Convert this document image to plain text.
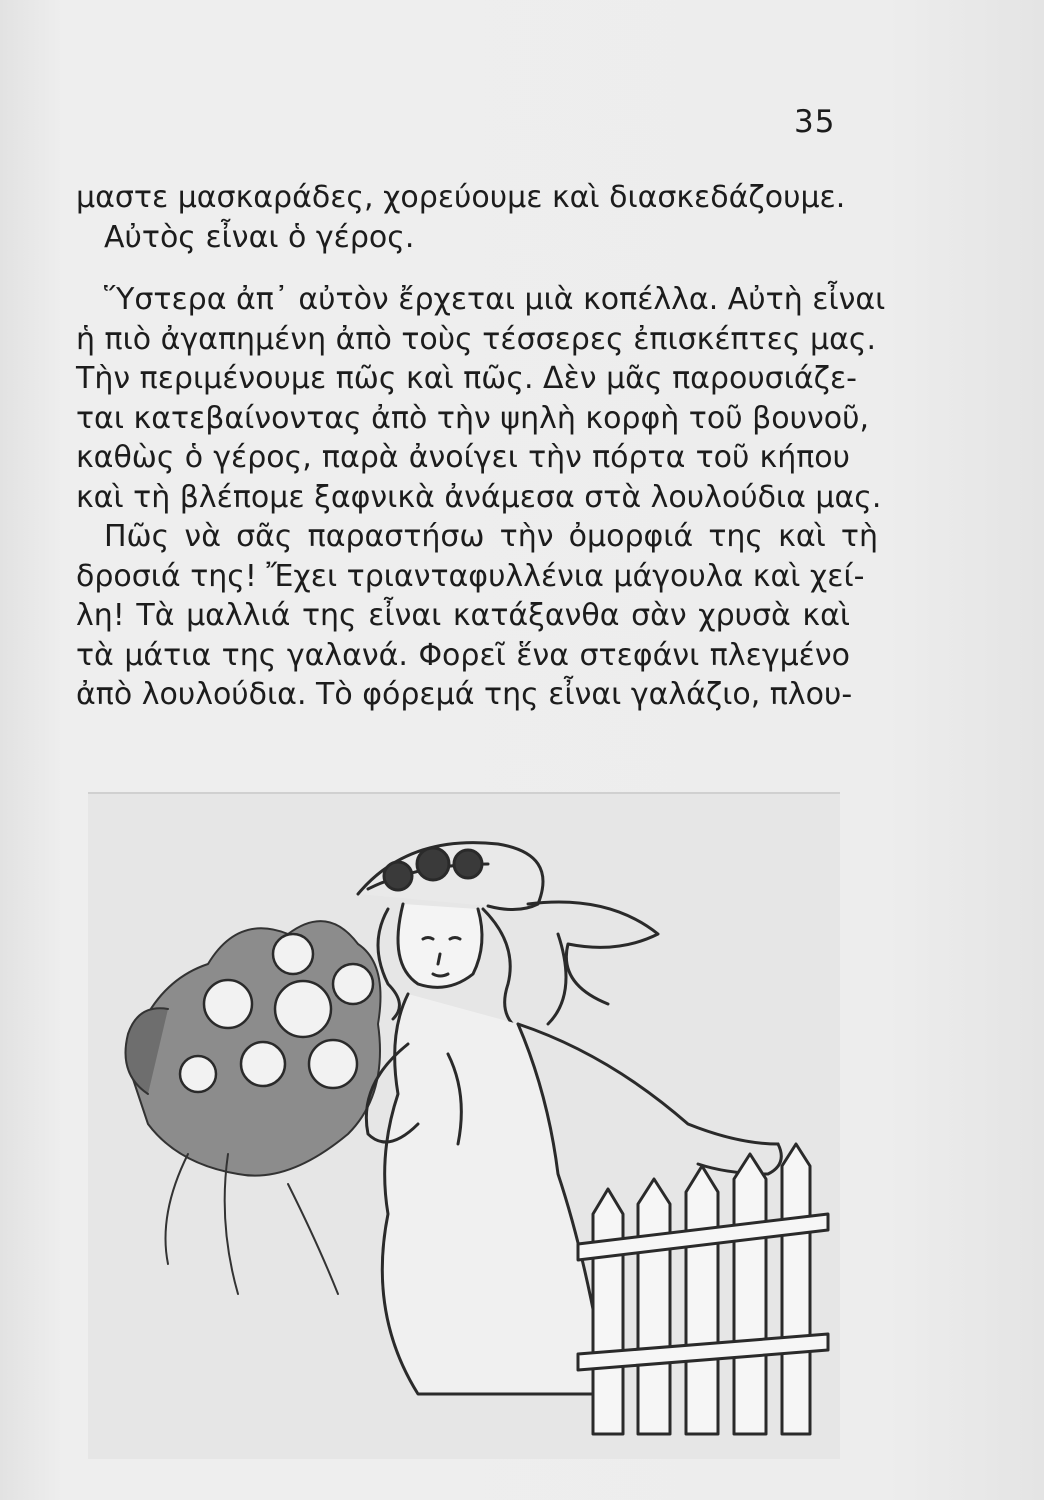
35
μαστε μασκαράδες, χορεύουμε καὶ διασκεδάζουμε.
Αὐτὸς εἶναι ὁ γέρος.
Ὕστερα ἀπ᾽ αὐτὸν ἔρχεται μιὰ κοπέλλα. Αὐτὴ εἶναι
ἡ πιὸ ἀγαπημένη ἀπὸ τοὺς τέσσερες ἐπισκέπτες μας.
Τὴν περιμένουμε πῶς καὶ πῶς. Δὲν μᾶς παρουσιάζε-
ται κατεβαίνοντας ἀπὸ τὴν ψηλὴ κορφὴ τοῦ βουνοῦ,
καθὼς ὁ γέρος, παρὰ ἀνοίγει τὴν πόρτα τοῦ κήπου
καὶ τὴ βλέπομε ξαφνικὰ ἀνάμεσα στὰ λουλούδια μας.
Πῶς νὰ σᾶς παραστήσω τὴν ὀμορφιά της καὶ τὴ
δροσιά της! Ἔχει τριανταφυλλένια μάγουλα καὶ χεί-
λη! Τὰ μαλλιά της εἶναι κατάξανθα σὰν χρυσὰ καὶ
τὰ μάτια της γαλανά. Φορεῖ ἕνα στεφάνι πλεγμένο
ἀπὸ λουλούδια. Τὸ φόρεμά της εἶναι γαλάζιο, πλου-
